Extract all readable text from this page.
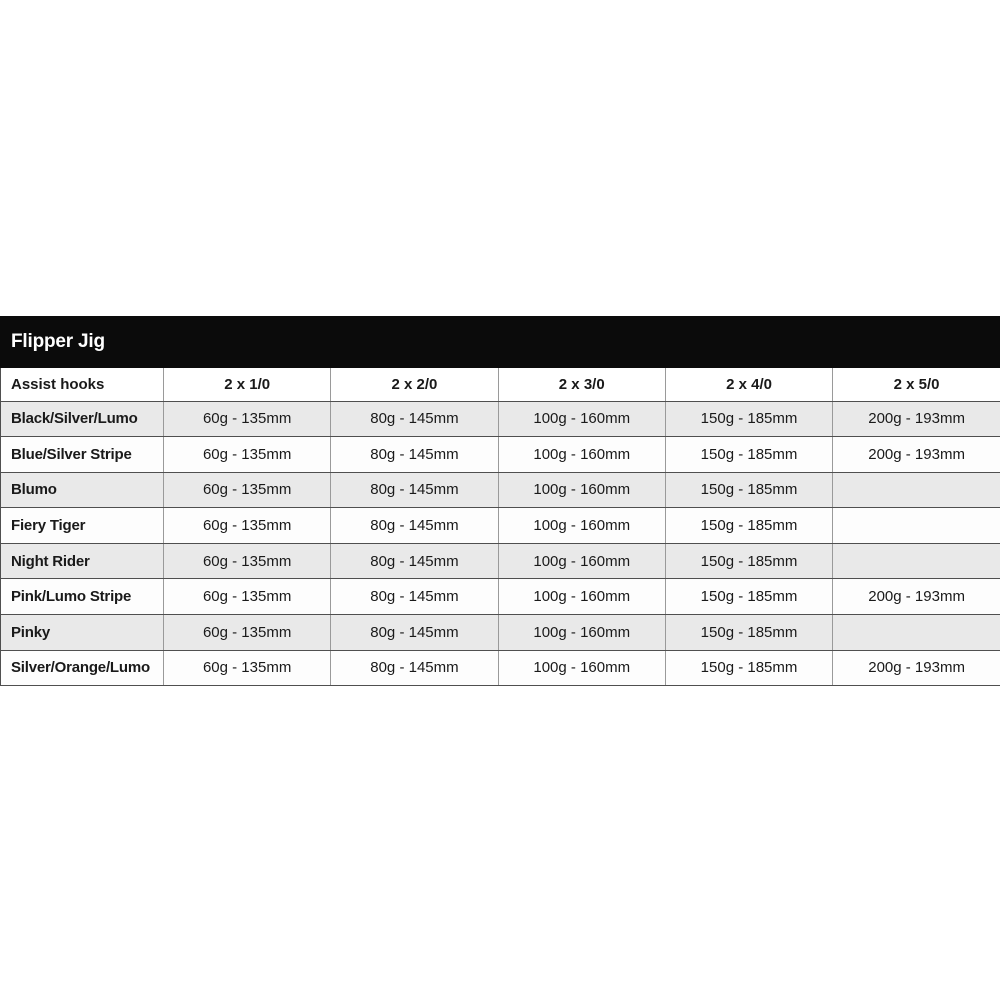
Flipper Jig
Assist hooks	2 x 1/0	2 x 2/0	2 x 3/0	2 x 4/0	2 x 5/0
Black/Silver/Lumo	60g - 135mm	80g - 145mm	100g - 160mm	150g - 185mm	200g - 193mm
Blue/Silver Stripe	60g - 135mm	80g - 145mm	100g - 160mm	150g - 185mm	200g - 193mm
Blumo	60g - 135mm	80g - 145mm	100g - 160mm	150g - 185mm	
Fiery Tiger	60g - 135mm	80g - 145mm	100g - 160mm	150g - 185mm	
Night Rider	60g - 135mm	80g - 145mm	100g - 160mm	150g - 185mm	
Pink/Lumo Stripe	60g - 135mm	80g - 145mm	100g - 160mm	150g - 185mm	200g - 193mm
Pinky	60g - 135mm	80g - 145mm	100g - 160mm	150g - 185mm	
Silver/Orange/Lumo	60g - 135mm	80g - 145mm	100g - 160mm	150g - 185mm	200g - 193mm
